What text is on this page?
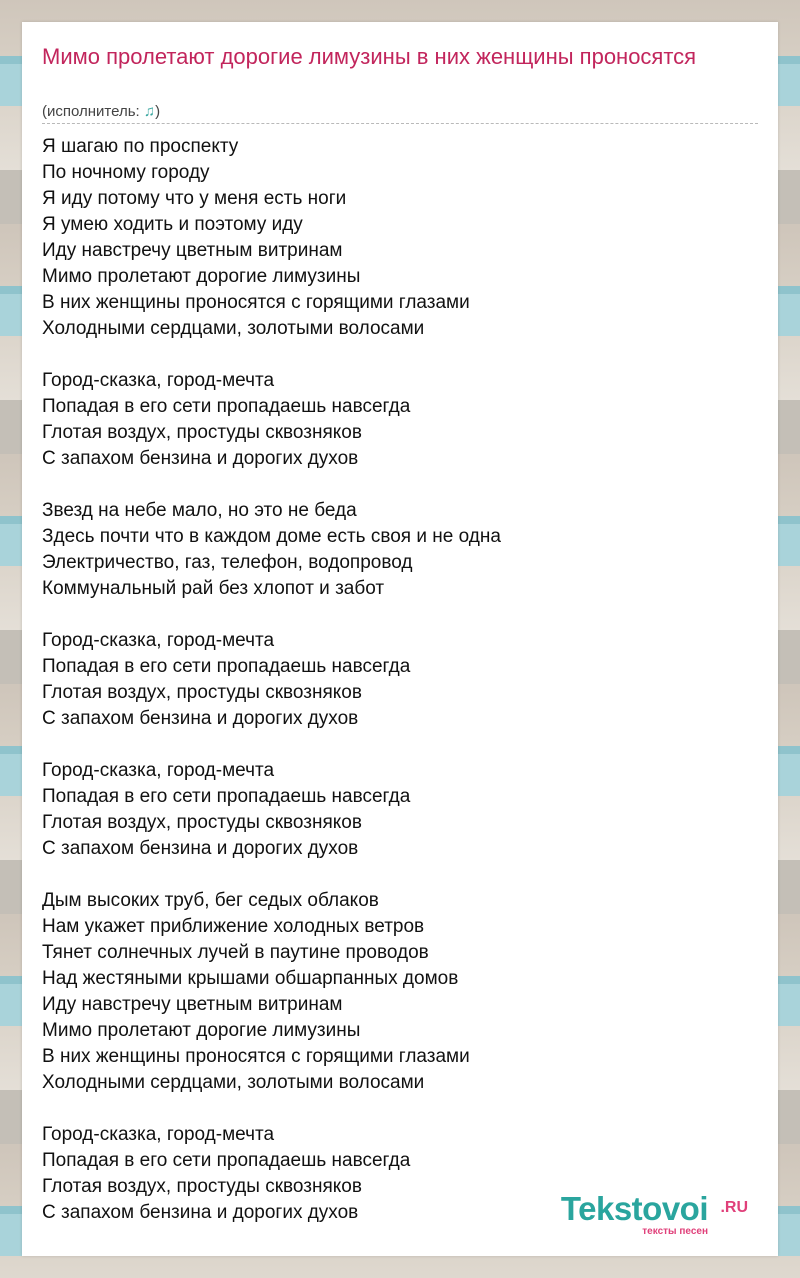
Мимо пролетают дорогие лимузины в них женщины проносятся
(исполнитель: ♫)
Я шагаю по проспекту
По ночному городу
Я иду потому что у меня есть ноги
Я умею ходить и поэтому иду
Иду навстречу цветным витринам
Мимо пролетают дорогие лимузины
В них женщины проносятся с горящими глазами
Холодными сердцами, золотыми волосами
Город-сказка, город-мечта
Попадая в его сети пропадаешь навсегда
Глотая воздух, простуды сквозняков
С запахом бензина и дорогих духов
Звезд на небе мало, но это не беда
Здесь почти что в каждом доме есть своя и не одна
Электричество, газ, телефон, водопровод
Коммунальный рай без хлопот и забот
Город-сказка, город-мечта
Попадая в его сети пропадаешь навсегда
Глотая воздух, простуды сквозняков
С запахом бензина и дорогих духов
Город-сказка, город-мечта
Попадая в его сети пропадаешь навсегда
Глотая воздух, простуды сквозняков
С запахом бензина и дорогих духов
Дым высоких труб, бег седых облаков
Нам укажет приближение холодных ветров
Тянет солнечных лучей в паутине проводов
Над жестяными крышами обшарпанных домов
Иду навстречу цветным витринам
Мимо пролетают дорогие лимузины
В них женщины проносятся с горящими глазами
Холодными сердцами, золотыми волосами
Город-сказка, город-мечта
Попадая в его сети пропадаешь навсегда
Глотая воздух, простуды сквозняков
С запахом бензина и дорогих духов	Tekstovoi .RU
тексты песен
